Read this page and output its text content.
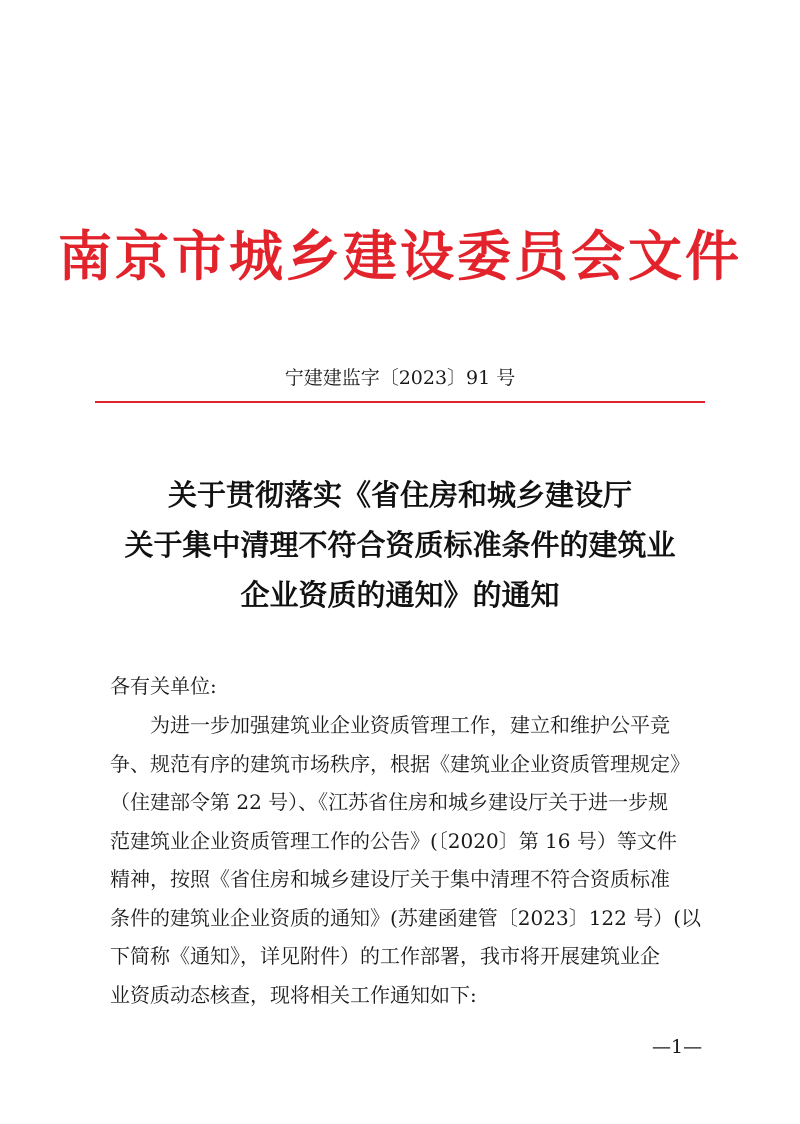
南京市城乡建设委员会文件
宁建建监字〔2023〕91 号
关于贯彻落实《省住房和城乡建设厅
关于集中清理不符合资质标准条件的建筑业
企业资质的通知》的通知
各有关单位:
为进一步加强建筑业企业资质管理工作，建立和维护公平竞
争、规范有序的建筑市场秩序，根据《建筑业企业资质管理规定》
（住建部令第 22 号）、《江苏省住房和城乡建设厅关于进一步规
范建筑业企业资质管理工作的公告》(〔2020〕第 16 号）等文件
精神，按照《省住房和城乡建设厅关于集中清理不符合资质标准
条件的建筑业企业资质的通知》(苏建函建管〔2023〕122 号）(以
下简称《通知》，详见附件）的工作部署，我市将开展建筑业企
业资质动态核查，现将相关工作通知如下:
—1—
